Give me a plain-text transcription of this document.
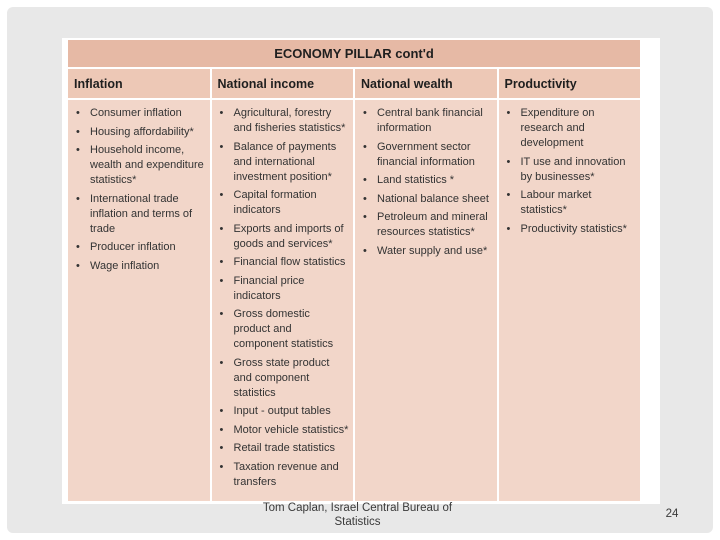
ECONOMY PILLAR cont'd
Inflation
• Consumer inflation
• Housing affordability*
• Household income, wealth and expenditure statistics*
• International trade inflation and terms of trade
• Producer inflation
• Wage inflation
National income
• Agricultural, forestry and fisheries statistics*
• Balance of payments and international investment position*
• Capital formation indicators
• Exports and imports of goods and services*
• Financial flow statistics
• Financial price indicators
• Gross domestic product and component statistics
• Gross state product and component statistics
• Input - output tables
• Motor vehicle statistics*
• Retail trade statistics
• Taxation revenue and transfers
National wealth
• Central bank financial information
• Government sector financial information
• Land statistics *
• National balance sheet
• Petroleum and mineral resources statistics*
• Water supply and use*
Productivity
• Expenditure on research and development
• IT use and innovation by businesses*
• Labour market statistics*
• Productivity statistics*
Tom Caplan, Israel Central Bureau of Statistics
24
